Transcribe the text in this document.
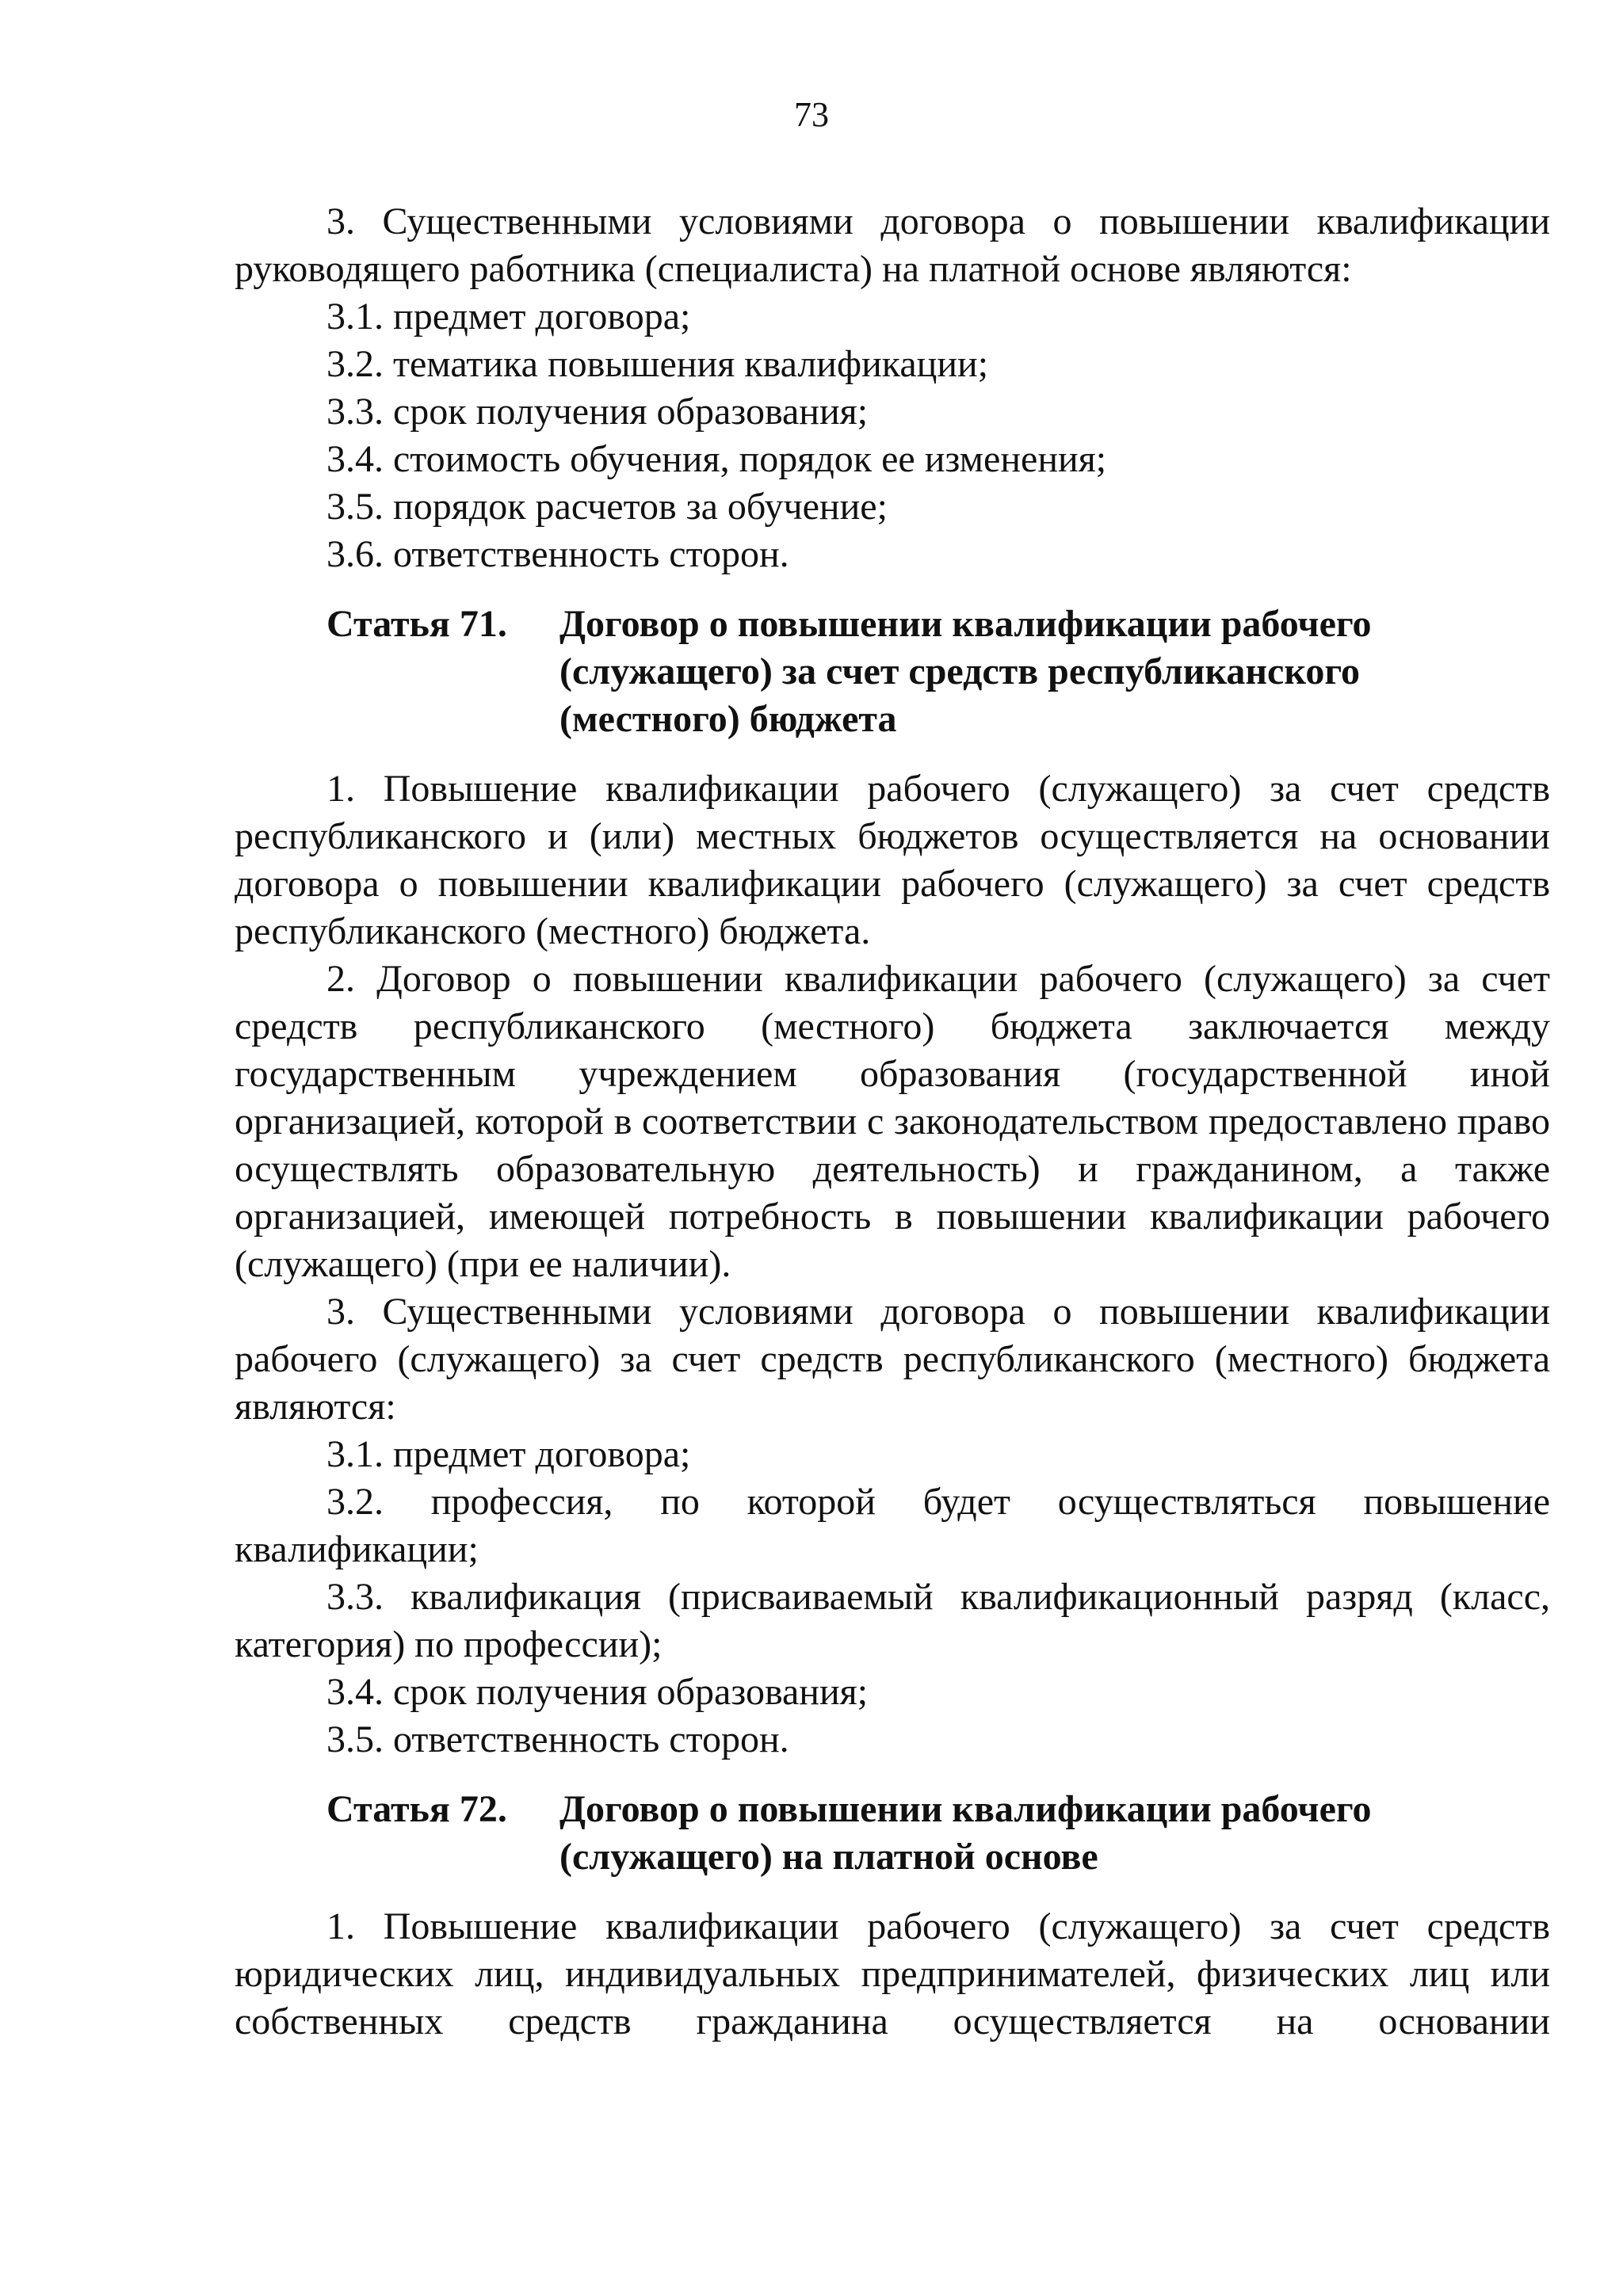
73

3. Существенными условиями договора о повышении квалификации руководящего работника (специалиста) на платной основе являются:

3.1. предмет договора;

3.2. тематика повышения квалификации;

3.3. срок получения образования;

3.4. стоимость обучения, порядок ее изменения;

3.5. порядок расчетов за обучение;

3.6. ответственность сторон.

Статья 71. Договор о повышении квалификации рабочего (служащего) за счет средств республиканского (местного) бюджета

1. Повышение квалификации рабочего (служащего) за счет средств республиканского и (или) местных бюджетов осуществляется на основании договора о повышении квалификации рабочего (служащего) за счет средств республиканского (местного) бюджета.

2. Договор о повышении квалификации рабочего (служащего) за счет средств республиканского (местного) бюджета заключается между государственным учреждением образования (государственной иной организацией, которой в соответствии с законодательством предоставлено право осуществлять образовательную деятельность) и гражданином, а также организацией, имеющей потребность в повышении квалификации рабочего (служащего) (при ее наличии).

3. Существенными условиями договора о повышении квалификации рабочего (служащего) за счет средств республиканского (местного) бюджета являются:

3.1. предмет договора;

3.2. профессия, по которой будет осуществляться повышение квалификации;

3.3. квалификация (присваиваемый квалификационный разряд (класс, категория) по профессии);

3.4. срок получения образования;

3.5. ответственность сторон.

Статья 72. Договор о повышении квалификации рабочего (служащего) на платной основе

1. Повышение квалификации рабочего (служащего) за счет средств юридических лиц, индивидуальных предпринимателей, физических лиц или собственных средств гражданина осуществляется на основании
